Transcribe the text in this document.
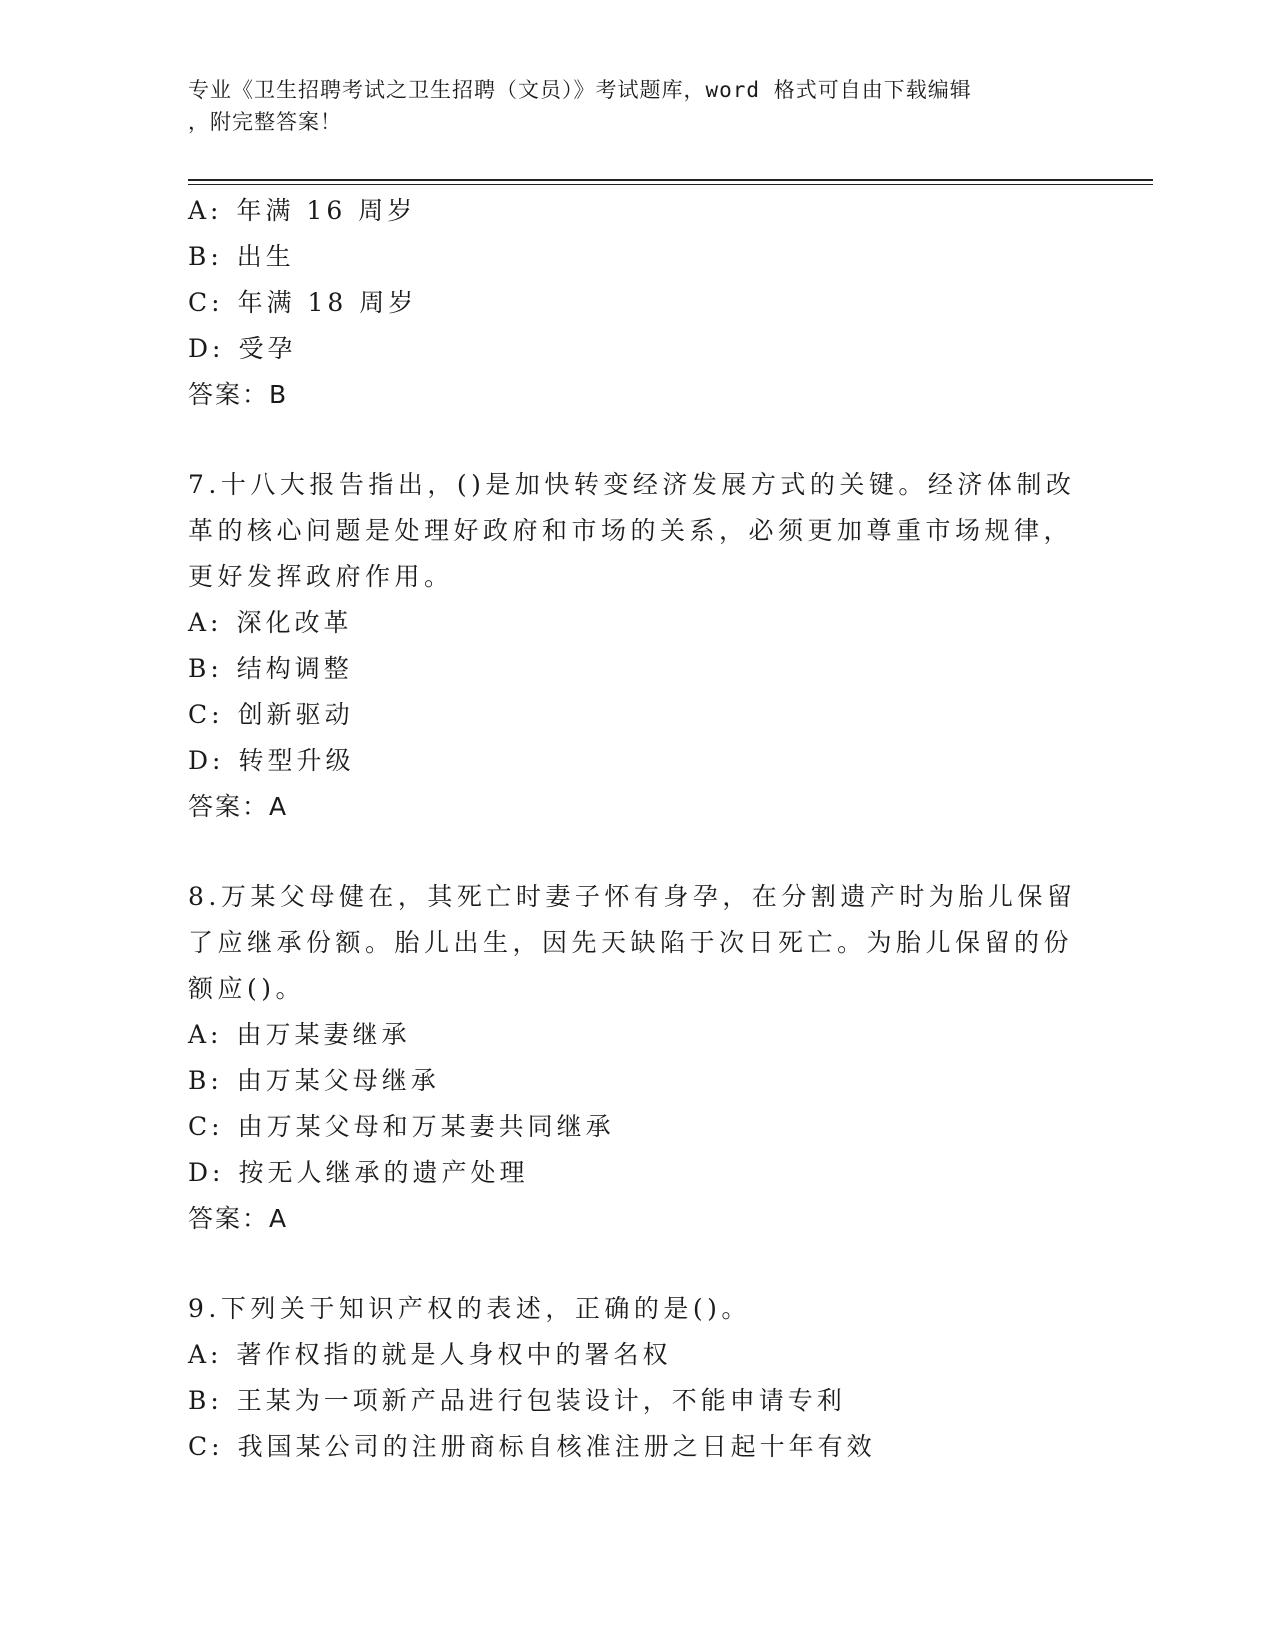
专业《卫生招聘考试之卫生招聘（文员）》考试题库，word 格式可自由下载编辑
，附完整答案！
A: 年满 16 周岁
B: 出生
C: 年满 18 周岁
D: 受孕
答案：B
7.十八大报告指出，()是加快转变经济发展方式的关键。经济体制改
革的核心问题是处理好政府和市场的关系，必须更加尊重市场规律，
更好发挥政府作用。
A: 深化改革
B: 结构调整
C: 创新驱动
D: 转型升级
答案：A
8.万某父母健在，其死亡时妻子怀有身孕，在分割遗产时为胎儿保留
了应继承份额。胎儿出生，因先天缺陷于次日死亡。为胎儿保留的份
额应()。
A: 由万某妻继承
B: 由万某父母继承
C: 由万某父母和万某妻共同继承
D: 按无人继承的遗产处理
答案：A
9.下列关于知识产权的表述，正确的是()。
A: 著作权指的就是人身权中的署名权
B: 王某为一项新产品进行包装设计，不能申请专利
C: 我国某公司的注册商标自核准注册之日起十年有效
